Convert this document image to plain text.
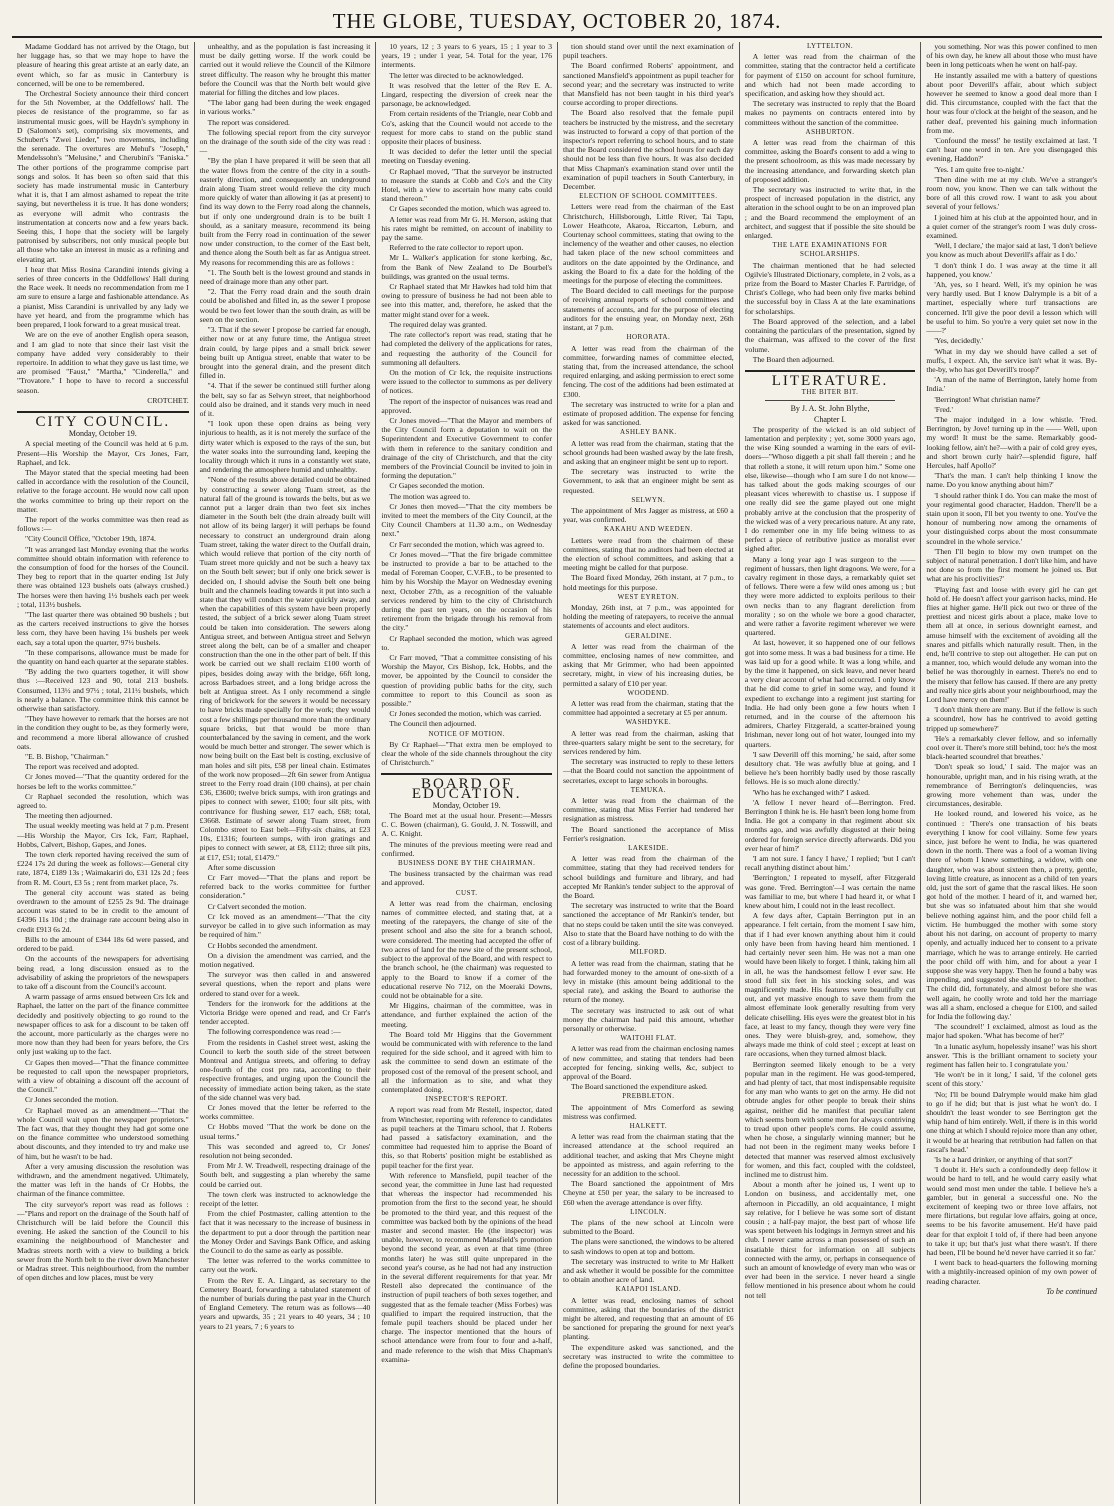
THE GLOBE, TUESDAY, OCTOBER 20, 1874.

Madame Goddard has not arrived by the Otago, but her luggage has, so that we may hope to have the pleasure of hearing this great artiste at an early date, an event which, so far as music in Canterbury is concerned, will be one to be remembered.

The Orchestral Society announce their third concert for the 5th November, at the Oddfellows' hall. The pieces de resistance of the programme, so far as instrumental music goes, will be Haydn's symphony in D (Salomon's set), comprising six movements, and Schubert's "Zwei Lieder," two movements, including the serenade. The overtures are Mehul's "Joseph," Mendelssohn's "Melusine," and Cherubini's "Faniska." The other portions of the programme comprise part songs and solos. It has been so often said that this society has made instrumental music in Canterbury what it is, that I am almost ashamed to repeat the trite saying, but nevertheless it is true. It has done wonders; as everyone will admit who contrasts the instrumentation at concerts now and a few years back. Seeing this, I hope that the society will be largely patronised by subscribers, not only musical people but all those who take an interest in music as a refining and elevating art.

I hear that Miss Rosina Carandini intends giving a series of three concerts in the Oddfellows' Hall during the Race week. It needs no recommendation from me I am sure to ensure a large and fashionable attendance. As a pianist, Miss Carandini is unrivalled by any lady we have yet heard, and from the programme which has been prepared, I look forward to a great musical treat.

We are on the eve of another English opera season, and I am glad to note that since their last visit the company have added very considerably to their repertoire. In addition to what they gave us last time, we are promised "Faust," "Martha," "Cinderella," and "Trovatore." I hope to have to record a successful season.

CROTCHET.

CITY COUNCIL.

Monday, October 19.

A special meeting of the Council was held at 6 p.m. Present—His Worship the Mayor, Crs Jones, Farr, Raphael, and Ick.

The Mayor stated that the special meeting had been called in accordance with the resolution of the Council, relative to the forage account. He would now call upon the works committee to bring up their report on the matter.

The report of the works committee was then read as follows :—

"City Council Office, "October 19th, 1874.

"It was arranged last Monday evening that the works committee should obtain information with reference to the consumption of food for the horses of the Council. They beg to report that in the quarter ending 1st July there was obtained 123 bushels oats (always crushed.) The horses were then having 1½ bushels each per week ; total, 113½ bushels.

"The last quarter there was obtained 90 bushels ; but as the carters received instructions to give the horses less corn, they have been having 1¼ bushels per week each, say a total upon the quarter, 97½ bushels.

"In these comparisons, allowance must be made for the quantity on hand each quarter at the separate stables.

"By adding the two quarters together, it will show thus :—Received 123 and 90, total 213 bushels. Consumed, 113½ and 97½ ; total, 211½ bushels, which is nearly a balance. The committee think this cannot be otherwise than satisfactory.

"They have however to remark that the horses are not in the condition they ought to be, as they formerly were, and recommend a more liberal allowance of crushed oats.

"E. B. Bishop, "Chairman."

The report was received and adopted.

Cr Jones moved—"That the quantity ordered for the horses be left to the works committee."

Cr Raphael seconded the resolution, which was agreed to.

The meeting then adjourned.

The usual weekly meeting was held at 7 p.m. Present—His Worship the Mayor, Crs Ick, Farr, Raphael, Hobbs, Calvert, Bishop, Gapes, and Jones.

The town clerk reported having received the sum of £224 17s 2d during the week as follows:—General city rate, 1874, £189 13s ; Waimakariri do, £31 12s 2d ; fees from R. M. Court, £3 5s ; rent from market place, 7s.

The general city account was stated as being overdrawn to the amount of £255 2s 9d. The drainage account was stated to be in credit to the amount of £4396 11s 10d ; the drainage rate account being also in credit £913 6s 2d.

Bills to the amount of £344 18s 6d were passed, and ordered to be paid.

On the accounts of the newspapers for advertising being read, a long discussion ensued as to the advisability of asking the proprietors of the newspapers to take off a discount from the Council's account.

A warm passage of arms ensued between Crs Ick and Raphael, the latter on the part of the finance committee decidedly and positively objecting to go round to the newspaper offices to ask for a discount to be taken off the account, more particularly as the charges were no more now than they had been for years before, the Crs only just waking up to the fact.

Cr Gapes then moved—"That the finance committee be requested to call upon the newspaper proprietors, with a view of obtaining a discount off the account of the Council."

Cr Jones seconded the motion.

Cr Raphael moved as an amendment—"That the whole Council wait upon the newspaper proprietors." The fact was, that they thought they had got some one on the finance committee who understood something about discounts, and they intended to try and make use of him, but he wasn't to be had.

After a very amusing discussion the resolution was withdrawn, and the amendment negatived. Ultimately, the matter was left in the hands of Cr Hobbs, the chairman of the finance committee.

The city surveyor's report was read as follows :—"Plans and report on the drainage of the South half of Christchurch will be laid before the Council this evening. He asked the sanction of the Council to his examining the neighbourhood of Manchester and Madras streets north with a view to building a brick sewer from the North belt to the river down Manchester or Madras street. This neighbourhood, from the number of open ditches and low places, must be very

unhealthy, and as the population is fast increasing it must be daily getting worse. If the work could be carried out it would relieve the Council of the Kilmore street difficulty. The reason why he brought this matter before the Council was that the North belt would give material for filling the ditches and low places.

"The labor gang had been during the week engaged in various works."

The report was considered.

The following special report from the city surveyor on the drainage of the south side of the city was read :—

"By the plan I have prepared it will be seen that all the water flows from the centre of the city in a south-easterly direction, and consequently an underground drain along Tuam street would relieve the city much more quickly of water than allowing it (as at present) to find its way down to the Ferry road along the channels, but if only one underground drain is to be built I should, as a sanitary measure, recommend its being built from the Ferry road in continuation of the sewer now under construction, to the corner of the East belt, and thence along the South belt as far as Antigua street. My reasons for recommending this are as follows :

"1. The South belt is the lowest ground and stands in need of drainage more than any other part.

"2. That the Ferry road drain and the south drain could be abolished and filled in, as the sewer I propose would be two feet lower than the south drain, as will be seen on the section.

"3. That if the sewer I propose be carried far enough, either now or at any future time, the Antigua street drain could, by large pipes and a small brick sewer being built up Antigua street, enable that water to be brought into the general drain, and the present ditch filled in.

"4. That if the sewer be continued still further along the belt, say so far as Selwyn street, that neighborhood could also be drained, and it stands very much in need of it.

"I look upon these open drains as being very injurious to health, as it is not merely the surface of the dirty water which is exposed to the rays of the sun, but the water soaks into the surrounding land, keeping the locality through which it runs in a constantly wet state, and rendering the atmosphere humid and unhealthy.

"None of the results above detailed could be obtained by constructing a sewer along Tuam street, as the natural fall of the ground is towards the belts, but as we cannot put a larger drain than two feet six inches diameter in the South belt (the drain already built will not allow of its being larger) it will perhaps be found necessary to construct an underground drain along Tuam street, taking the water direct to the Outfall drain, which would relieve that portion of the city north of Tuam street more quickly and not be such a heavy tax on the South belt sewer; but if only one brick sewer is decided on, I should advise the South belt one being built and the channels leading towards it put into such a state that they will conduct the water quickly away, and when the capabilities of this system have been properly tested, the subject of a brick sewer along Tuam street could be taken into consideration. The sewers along Antigua street, and between Antigua street and Selwyn street along the belt, can be of a smaller and cheaper construction than the one in the other part of belt. If this work be carried out we shall reclaim £100 worth of pipes, besides doing away with the bridge, 66ft long, across Barbadoes street, and a long bridge across the belt at Antigua street. As I only recommend a single ring of brickwork for the sewers it would be necessary to have bricks made specially for the work; they would cost a few shillings per thousand more than the ordinary square bricks, but that would be more than counterbalanced by the saving in cement, and the work would be much better and stronger. The sewer which is now being built on the East belt is costing, exclusive of man holes and silt pits, £58 per lineal chain. Estimates of the work now proposed—2ft 6in sewer from Antigua street to the Ferry road drain (100 chains), at per chain £36, £3600; twelve brick sumps, with iron gratings and pipes to connect with sewer, £100; four silt pits, with contrivance for flushing sewer, £17 each, £68; total, £3668. Estimate of sewer along Tuam street, from Colombo street to East belt—Fifty-six chains, at £23 10s, £1316; fourteen sumps, with iron gratings and pipes to connect with sewer, at £8, £112; three silt pits, at £17, £51; total, £1479."

After some discussion

Cr Farr moved—"That the plans and report be referred back to the works committee for further consideration."

Cr Calvert seconded the motion.

Cr Ick moved as an amendment—"That the city surveyor be called in to give such information as may be required of him."

Cr Hobbs seconded the amendment.

On a division the amendment was carried, and the motion negatived.

The surveyor was then called in and answered several questions, when the report and plans were ordered to stand over for a week.

Tenders for the ironwork for the additions at the Victoria Bridge were opened and read, and Cr Farr's tender accepted.

The following correspondence was read :—

From the residents in Cashel street west, asking the Council to kerb the south side of the street between Montreal and Antigua streets, and offering to defray one-fourth of the cost pro rata, according to their respective frontages, and urging upon the Council the necessity of immediate action being taken, as the state of the side channel was very bad.

Cr Jones moved that the letter be referred to the works committee.

Cr Hobbs moved "That the work be done on the usual terms."

This was seconded and agreed to, Cr Jones' resolution not being seconded.

From Mr J. W. Treadwell, respecting drainage of the South belt, and suggesting a plan whereby the same could be carried out.

The town clerk was instructed to acknowledge the receipt of the letter.

From the chief Postmaster, calling attention to the fact that it was necessary to the increase of business in the department to put a door through the partition near the Money Order and Savings Bank Office, and asking the Council to do the same as early as possible.

The letter was referred to the works committee to carry out the work.

From the Rev E. A. Lingard, as secretary to the Cemetery Board, forwarding a tabulated statement of the number of burials during the past year in the Church of England Cemetery. The return was as follows—40 years and upwards, 35 ; 21 years to 40 years, 34 ; 10 years to 21 years, 7 ; 6 years to

10 years, 12 ; 3 years to 6 years, 15 ; 1 year to 3 years, 19 ; under 1 year, 54. Total for the year, 176 interments.

The letter was directed to be acknowledged.

It was resolved that the letter of the Rev E. A. Lingard, respecting the diversion of creek near the parsonage, be acknowledged.

From certain residents of the Triangle, near Cobb and Co's, asking that the Council would not accede to the request for more cabs to stand on the public stand opposite their places of business.

It was decided to defer the letter until the special meeting on Tuesday evening.

Cr Raphael moved, "That the surveyor be instructed to measure the stands at Cobb and Co's and the City Hotel, with a view to ascertain how many cabs could stand thereon."

Cr Gapes seconded the motion, which was agreed to.

A letter was read from Mr G. H. Merson, asking that his rates might be remitted, on account of inability to pay the same.

Referred to the rate collector to report upon.

Mr L. Walker's application for stone kerbing, &c, from the Bank of New Zealand to De Bourbel's buildings, was granted on the usual terms.

Cr Raphael stated that Mr Hawkes had told him that owing to pressure of business he had not been able to see into this matter, and, therefore, he asked that the matter might stand over for a week.

The required delay was granted.

The rate collector's report was read, stating that he had completed the delivery of the applications for rates, and requesting the authority of the Council for summoning all defaulters.

On the motion of Cr Ick, the requisite instructions were issued to the collector to summons as per delivery of notices.

The report of the inspector of nuisances was read and approved.

Cr Jones moved—"That the Mayor and members of the City Council form a deputation to wait on the Superintendent and Executive Government to confer with them in reference to the sanitary condition and drainage of the city of Christchurch, and that the city members of the Provincial Council be invited to join in forming the deputation."

Cr Gapes seconded the motion.

The motion was agreed to.

Cr Jones then moved—"That the city members be invited to meet the members of the City Council, at the City Council Chambers at 11.30 a.m., on Wednesday next."

Cr Farr seconded the motion, which was agreed to.

Cr Jones moved—"That the fire brigade committee be instructed to provide a bar to be attached to the medal of Foreman Cooper, C.V.F.B., to be presented to him by his Worship the Mayor on Wednesday evening next, October 27th, as a recognition of the valuable services rendered by him to the city of Christchurch during the past ten years, on the occasion of his retirement from the brigade through his removal from the city."

Cr Raphael seconded the motion, which was agreed to.

Cr Farr moved, "That a committee consisting of his Worship the Mayor, Crs Bishop, Ick, Hobbs, and the mover, be appointed by the Council to consider the question of providing public baths for the city, such committee to report to this Council as soon as possible."

Cr Jones seconded the motion, which was carried.

The Council then adjourned.

NOTICE OF MOTION.

By Cr Raphael—"That extra men be employed to clear the whole of the side channels throughout the city of Christchurch."

BOARD OF EDUCATION.

Monday, October 19.

The Board met at the usual hour. Present:—Messrs C. C. Bowen (chairman), G. Gould, J. N. Tosswill, and A. C. Knight.

The minutes of the previous meeting were read and confirmed.

BUSINESS DONE BY THE CHAIRMAN.

The business transacted by the chairman was read and approved.

CUST.

A letter was read from the chairman, enclosing names of committee elected, and stating that, at a meeting of the ratepayers, the change of site of the present school and also the site for a branch school, were considered. The meeting had accepted the offer of two acres of land for the new site of the present school, subject to the approval of the Board, and with respect to the branch school, he (the chairman) was requested to apply to the Board to know if a corner of the educational reserve No 712, on the Moeraki Downs, could not be obtainable for a site.

Mr Higgins, chairman of the committee, was in attendance, and further explained the action of the meeting.

The Board told Mr Higgins that the Government would be communicated with with reference to the land required for the side school, and it agreed with him to ask the committee to send down an estimate of the proposed cost of the removal of the present school, and all the information as to site, and what they contemplated doing.

INSPECTOR'S REPORT.

A report was read from Mr Restell, inspector, dated from Winchester, reporting with reference to candidates as pupil teachers at the Timaru school, that J. Roberts had passed a satisfactory examination, and the committee had requested him to apprise the Board of this, so that Roberts' position might be established as pupil teacher for the first year.

With reference to Mansfield, pupil teacher of the second year, the committee in June last had requested that whereas the inspector had recommended his promotion from the first to the second year, he should be promoted to the third year, and this request of the committee was backed both by the opinions of the head master and second master. He (the inspector) was unable, however, to recommend Mansfield's promotion beyond the second year, as even at that time (three months later) he was still quite unprepared in the second year's course, as he had not had any instruction in the several different requirements for that year. Mr Restell also deprecated the continuance of the instruction of pupil teachers of both sexes together, and suggested that as the female teacher (Miss Forbes) was qualified to impart the required instruction, that the female pupil teachers should be placed under her charge. The inspector mentioned that the hours of school attendance were from four to four and a-half, and made reference to the wish that Miss Chapman's examina-

tion should stand over until the next examination of pupil teachers.

The Board confirmed Roberts' appointment, and sanctioned Mansfield's appointment as pupil teacher for second year; and the secretary was instructed to write that Mansfield has not been taught in his third year's course according to proper directions.

The Board also resolved that the female pupil teachers be instructed by the mistress, and the secretary was instructed to forward a copy of that portion of the inspector's report referring to school hours, and to state that the Board considered the school hours for each day should not be less than five hours. It was also decided that Miss Chapman's examination stand over until the examination of pupil teachers in South Canterbury, in December.

ELECTION OF SCHOOL COMMITTEES.

Letters were read from the chairman of the East Christchurch, Hillsborough, Little River, Tai Tapu, Lower Heathcote, Akaroa, Riccarton, Leburn, and Courtenay school committees, stating that owing to the inclemency of the weather and other causes, no election had taken place of the new school committees and auditors on the date appointed by the Ordinance, and asking the Board to fix a date for the holding of the meetings for the purpose of electing the committees.

The Board decided to call meetings for the purpose of receiving annual reports of school committees and statements of accounts, and for the purpose of electing auditors for the ensuing year, on Monday next, 26th instant, at 7 p.m.

HORORATA.

A letter was read from the chairman of the committee, forwarding names of committee elected, stating that, from the increased attendance, the school required enlarging, and asking permission to erect some fencing. The cost of the additions had been estimated at £300.

The secretary was instructed to write for a plan and estimate of proposed addition. The expense for fencing asked for was sanctioned.

ASHLEY BANK.

A letter was read from the chairman, stating that the school grounds had been washed away by the late fresh, and asking that an engineer might be sent up to report.

The secretary was instructed to write the Government, to ask that an engineer might be sent as requested.

SELWYN.

The appointment of Mrs Jagger as mistress, at £60 a year, was confirmed.

KAKAHU AND WEEDEN.

Letters were read from the chairmen of these committees, stating that no auditors had been elected at the election of school committees, and asking that a meeting might be called for that purpose.

The Board fixed Monday, 26th instant, at 7 p.m., to hold meetings for this purpose.

WEST EYRETON.

Monday, 26th inst, at 7 p.m., was appointed for holding the meeting of ratepayers, to receive the annual statements of accounts and elect auditors.

GERALDINE.

A letter was read from the chairman of the committee, enclosing names of new committee, and asking that Mr Grimmer, who had been appointed secretary, might, in view of his increasing duties, be permitted a salary of £10 per year.

WOODEND.

A letter was read from the chairman, stating that the committee had appointed a secretary at £5 per annum.

WASHDYKE.

A letter was read from the chairman, asking that three-quarters salary might be sent to the secretary, for services rendered by him.

The secretary was instructed to reply to these letters—that the Board could not sanction the appointment of secretaries, except to large schools in boroughs.

TEMUKA.

A letter was read from the chairman of the committee, stating that Miss Ferrier had tendered her resignation as mistress.

The Board sanctioned the acceptance of Miss Ferrier's resignation.

LAKESIDE.

A letter was read from the chairman of the committee, stating that they had received tenders for school buildings and furniture and library, and had accepted Mr Rankin's tender subject to the approval of the Board.

The secretary was instructed to write that the Board sanctioned the acceptance of Mr Rankin's tender, but that no steps could be taken until the site was conveyed. Also to state that the Board have nothing to do with the cost of a library building.

MILFORD.

A letter was read from the chairman, stating that he had forwarded money to the amount of one-sixth of a levy in mistake (this amount being additional to the special rate), and asking the Board to authorise the return of the money.

The secretary was instructed to ask out of what money the chairman had paid this amount, whether personally or otherwise.

WAITOHI FLAT.

A letter was read from the chairman enclosing names of new committee, and stating that tenders had been accepted for fencing, sinking wells, &c, subject to approval of the Board.

The Board sanctioned the expenditure asked.

PREBBLETON.

The appointment of Mrs Comerford as sewing mistress was confirmed.

HALKETT.

A letter was read from the chairman stating that the increased attendance at the school required an additional teacher, and asking that Mrs Cheyne might be appointed as mistress, and again referring to the necessity for an addition to the school.

The Board sanctioned the appointment of Mrs Cheyne at £50 per year, the salary to be increased to £60 when the average attendance is over fifty.

LINCOLN.

The plans of the new school at Lincoln were submitted to the Board.

The plans were sanctioned, the windows to be altered to sash windows to open at top and bottom.

The secretary was instructed to write to Mr Halkett and ask whether it would be possible for the committee to obtain another acre of land.

KAIAPOI ISLAND.

A letter was read, enclosing names of school committee, asking that the boundaries of the district might be altered, and requesting that an amount of £6 be sanctioned for preparing the ground for next year's planting.

The expenditure asked was sanctioned, and the secretary was instructed to write the committee to define the proposed boundaries.

LYTTELTON.

A letter was read from the chairman of the committee, stating that the contractor held a certificate for payment of £150 on account for school furniture, and which had not been made according to specification, and asking how they should act.

The secretary was instructed to reply that the Board makes no payments on contracts entered into by committees without the sanction of the committee.

ASHBURTON.

A letter was read from the chairman of this committee, asking the Board's consent to add a wing to the present schoolroom, as this was made necessary by the increasing attendance, and forwarding sketch plan of proposed addition.

The secretary was instructed to write that, in the prospect of increased population in the district, any alteration in the school ought to be on an improved plan ; and the Board recommend the employment of an architect, and suggest that if possible the site should be enlarged.

THE LATE EXAMINATIONS FOR SCHOLARSHIPS.

The chairman mentioned that he had selected Ogilvie's Illustrated Dictionary, complete, in 2 vols, as a prize from the Board to Master Charles F. Partridge, of Christ's College, who had been only five marks behind the successful boy in Class A at the late examinations for scholarships.

The Board approved of the selection, and a label containing the particulars of the presentation, signed by the chairman, was affixed to the cover of the first volume.

The Board then adjourned.

LITERATURE.

THE BITER BIT.

By J. A. St. John Blythe,

Chapter I.

The prosperity of the wicked is an old subject of lamentation and perplexity ; yet, some 3000 years ago, the wise King sounded a warning in the ears of evil-doers—"Whoso diggeth a pit shall fall therein ; and he that rolleth a stone, it will return upon him." Some one else, likewise—though who I am sure I do not know—has talked about the gods making scourges of our pleasant vices wherewith to chastise us. I suppose if one really did see the game played out one might probably arrive at the conclusion that the prosperity of the wicked was of a very precarious nature. At any rate, I do remember one in my life being witness to as perfect a piece of retributive justice as moralist ever sighed after.

Many a long year ago I was surgeon to the —— regiment of hussars, then light dragoons. We were, for a cavalry regiment in those days, a remarkably quiet set of fellows. There were a few wild ones among us ; but they were more addicted to exploits perilous to their own necks than to any flagrant dereliction from morality ; so on the whole we bore a good character, and were rather a favorite regiment wherever we were quartered.

At last, however, it so happened one of our fellows got into some mess. It was a bad business for a time. He was laid up for a good while. It was a long while, and by the time it happened, on sick leave, and never heard a very clear account of what had occurred. I only know that he did come to grief in some way, and found it expedient to exchange into a regiment just starting for India. He had only been gone a few hours when I returned, and in the course of the afternoon his admirers, Charley Fitzgerald, a scatter-brained young Irishman, never long out of hot water, lounged into my quarters.

'I saw Deverill off this morning,' he said, after some desultory chat. 'He was awfully blue at going, and I believe he's been horribly badly used by those rascally fellows. He is so much alone directly.'

'Who has he exchanged with?' I asked.

'A fellow I never heard of—Berrington. Fred. Berrington I think he is. He hasn't been long home from India. He got a company in that regiment about six months ago, and was awfully disgusted at their being ordered for foreign service directly afterwards. Did you ever hear of him?'

'I am not sure. I fancy I have,' I replied; 'but I can't recall anything distinct about him.'

'Berrington,' I repeated to myself, after Fitzgerald was gone. 'Fred. Berrington'—I was certain the name was familiar to me, but where I had heard it, or what I knew about him, I could not in the least recollect.

A few days after, Captain Berrington put in an appearance. I felt certain, from the moment I saw him, that if I had ever known anything about him it could only have been from having heard him mentioned. I had certainly never seen him. He was not a man one would have been likely to forget. I think, taking him all in all, he was the handsomest fellow I ever saw. He stood full six feet in his stocking soles, and was magnificently made. His features were beautifully cut out, and yet massive enough to save them from the almost effeminate look generally resulting from very delicate chiselling. His eyes were the greatest blot in his face, at least to my fancy, though they were very fine ones. They were bluish-grey, and, somehow, they always made me think of cold steel ; except at least on rare occasions, when they turned almost black.

Berrington seemed likely enough to be a very popular man in the regiment. He was good-tempered, and had plenty of tact, that most indispensable requisite for any man who wants to get on the army. He did not obtrude angles for other people to break their shins against, neither did he manifest that peculiar talent which seems born with some men for always contriving to tread upon other people's corns. He could assume, when he chose, a singularly winning manner; but he had not been in the regiment many weeks before I detected that manner was reserved almost exclusively for women, and this fact, coupled with the coldsteel, inclined me to distrust him.

About a month after he joined us, I went up to London on business, and accidentally met, one afternoon in Piccadilly, an old acquaintance, I might say relative, for I believe he was some sort of distant cousin ; a half-pay major, the best part of whose life was spent between his lodgings in Jermyn street and his club. I never came across a man possessed of such an insatiable thirst for information on all subjects connected with the army, or, perhaps in consequence of such an amount of knowledge of every man who was or ever had been in the service. I never heard a single fellow mentioned in his presence about whom he could not tell

you something. Nor was this power confined to men of his own day, he knew all about those who must have been in long petticoats when he went on half-pay.

He instantly assailed me with a battery of questions about poor Deverill's affair, about which subject however he seemed to know a good deal more than I did. This circumstance, coupled with the fact that the hour was four o'clock at the height of the season, and he rather deaf, prevented his gaining much information from me.

'Confound the mess!' he testily exclaimed at last. 'I can't hear one word in ten. Are you disengaged this evening, Haddon?'

'Yes. I am quite free to-night.'

'Then dine with me at my club. We've a stranger's room now, you know. Then we can talk without the bore of all this crowd row. I want to ask you about several of your fellows.'

I joined him at his club at the appointed hour, and in a quiet corner of the stranger's room I was duly cross-examined.

'Well, I declare,' the major said at last, 'I don't believe you know as much about Deverill's affair as I do.'

'I don't think I do. I was away at the time it all happened, you know.'

'Ah, yes, so I heard. Well, it's my opinion he was very hardly used. But I know Dalrymple is a bit of a martinet, especially where turf transactions are concerned. It'll give the poor devil a lesson which will be useful to him. So you're a very quiet set now in the ——?'

'Yes, decidedly.'

'What in my day we should have called a set of muffs, I expect. Ah, the service isn't what it was. By-the-by, who has got Deverill's troop?'

'A man of the name of Berrington, lately home from India.'

'Berrington! What christian name?'

'Fred.'

'The major indulged in a low whistle. 'Fred. Berrington, by Jove! turning up in the —— Well, upon my word! It must be the same. Remarkably good-looking fellow, ain't he?—with a pair of cold grey eyes, and short brown curly hair?—splendid figure, half Hercules, half Apollo?'

'That's the man. I can't help thinking I know the name. Do you know anything about him?'

'I should rather think I do. You can make the most of your regimental good character, Haddon. There'll be a stain upon it soon, I'll bet you twenty to one. You've the honour of numbering now among the ornaments of your distinguished corps about the most consummate scoundrel in the whole service.'

'Then I'll begin to blow my own trumpet on the subject of natural penetration. I don't like him, and have not done so from the first moment he joined us. But what are his proclivities?'

'Playing fast and loose with every girl he can get hold of. He doesn't affect your garrison hacks, mind. He flies at higher game. He'll pick out two or three of the prettiest and nicest girls about a place, make love to them all at once, in serious downright earnest, and amuse himself with the excitement of avoiding all the snares and pitfalls which naturally result. Then, in the end, he'll contrive to step out altogether. He can put on a manner, too, which would delude any woman into the belief he was thoroughly in earnest. There's no end to the misery that fellow has caused. If there are any pretty and really nice girls about your neighbourhood, may the Lord have mercy on them!'

'I don't think there are many. But if the fellow is such a scoundrel, how has he contrived to avoid getting tripped up somewhere?'

'He's a remarkably clever fellow, and so infernally cool over it. There's more still behind, too: he's the most black-hearted scoundrel that breathes.'

'Don't speak so loud,' I said. The major was an honourable, upright man, and in his rising wrath, at the remembrance of Berrington's delinquencies, was growing more vehement than was, under the circumstances, desirable.

He looked round, and lowered his voice, as he continued : 'There's one transaction of his beats everything I know for cool villainy. Some few years since, just before he went to India, he was quartered down in the north. There was a fool of a woman living there of whom I knew something, a widow, with one daughter, who was about sixteen then, a pretty, gentle, loving little creature, as innocent as a child of ten years old, just the sort of game that the rascal likes. He soon got hold of the mother. I heard of it, and warned her, but she was so infatuated about him that she would believe nothing against him, and the poor child fell a victim. He humbugged the mother with some story about his not daring, on account of property to marry openly, and actually induced her to consent to a private marriage, which he was to arrange entirely. He carried the poor child off with him, and for about a year I suppose she was very happy. Then he found a baby was impending, and suggested she should go to her mother. The child did, fortunately, and almost before she was well again, he coolly wrote and told her the marriage was all a sham, enclosed a cheque for £100, and sailed for India the following day.'

'The scoundrel!' I exclaimed, almost as loud as the major had spoken. 'What has become of her?'

'In a lunatic asylum, hopelessly insane!' was his short answer. 'This is the brilliant ornament to society your regiment has fallen heir to. I congratulate you.'

'He won't be in it long,' I said, 'if the colonel gets scent of this story.'

'No; I'll be bound Dalrymple would make him glad to go if he did; but that is just what he won't do. I shouldn't the least wonder to see Berrington get the whip hand of him entirely. Well, if there is in this world one thing at which I should rejoice more than any other, it would be at hearing that retribution had fallen on that rascal's head.'

'Is he a hard drinker, or anything of that sort?'

'I doubt it. He's such a confoundedly deep fellow it would be hard to tell, and he would carry easily what would send most men under the table. I believe he's a gambler, but in general a successful one. No the excitement of keeping two or three love affairs, not mere flirtations, but regular love affairs, going at once, seems to be his favorite amusement. He'd have paid dear for that exploit I told of, if there had been anyone to take it up; but that's just what there wasn't. If there had been, I'll be bound he'd never have carried it so far.'

I went back to head-quarters the following morning with a mightily-increased opinion of my own power of reading character.

To be continued
